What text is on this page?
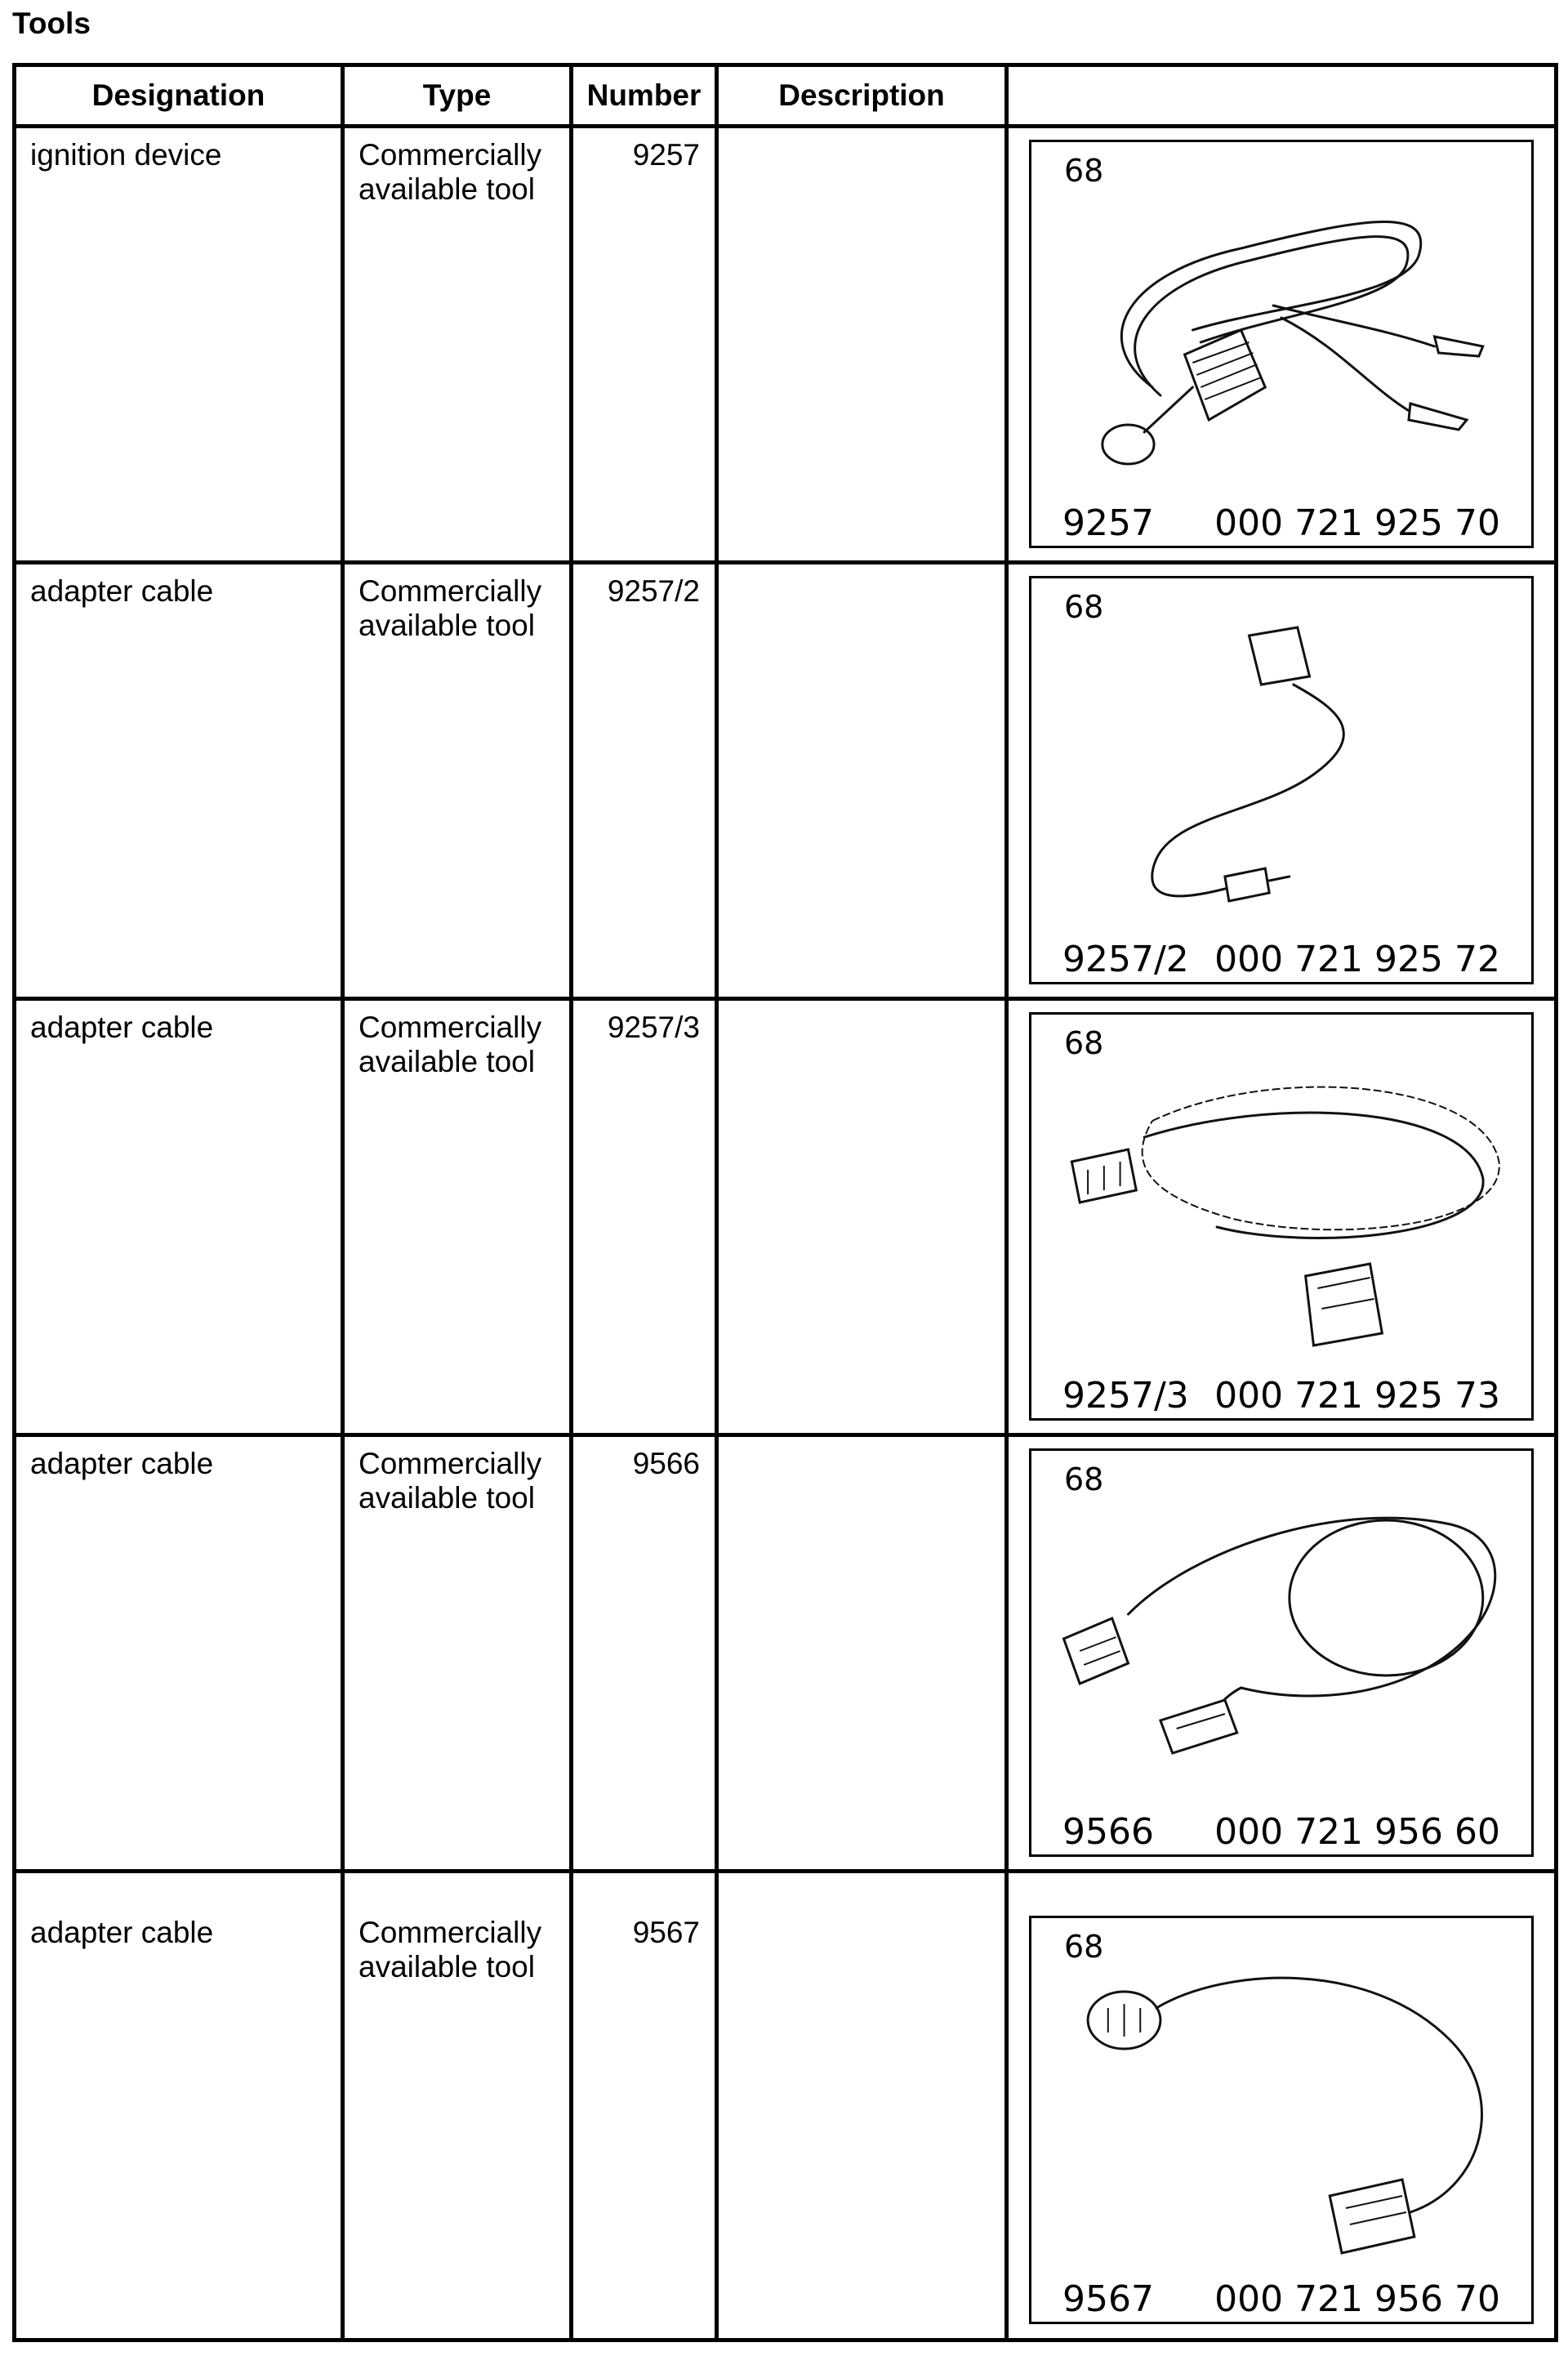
Tools
Designation	Type	Number	Description	

ignition device	Commercially available tool	9257		68
9257 000 721 925 70

adapter cable	Commercially available tool	9257/2		68
9257/2 000 721 925 72

adapter cable	Commercially available tool	9257/3		68
9257/3 000 721 925 73

adapter cable	Commercially available tool	9566		68
9566 000 721 956 60

adapter cable	Commercially available tool	9567		68
9567 000 721 956 70
